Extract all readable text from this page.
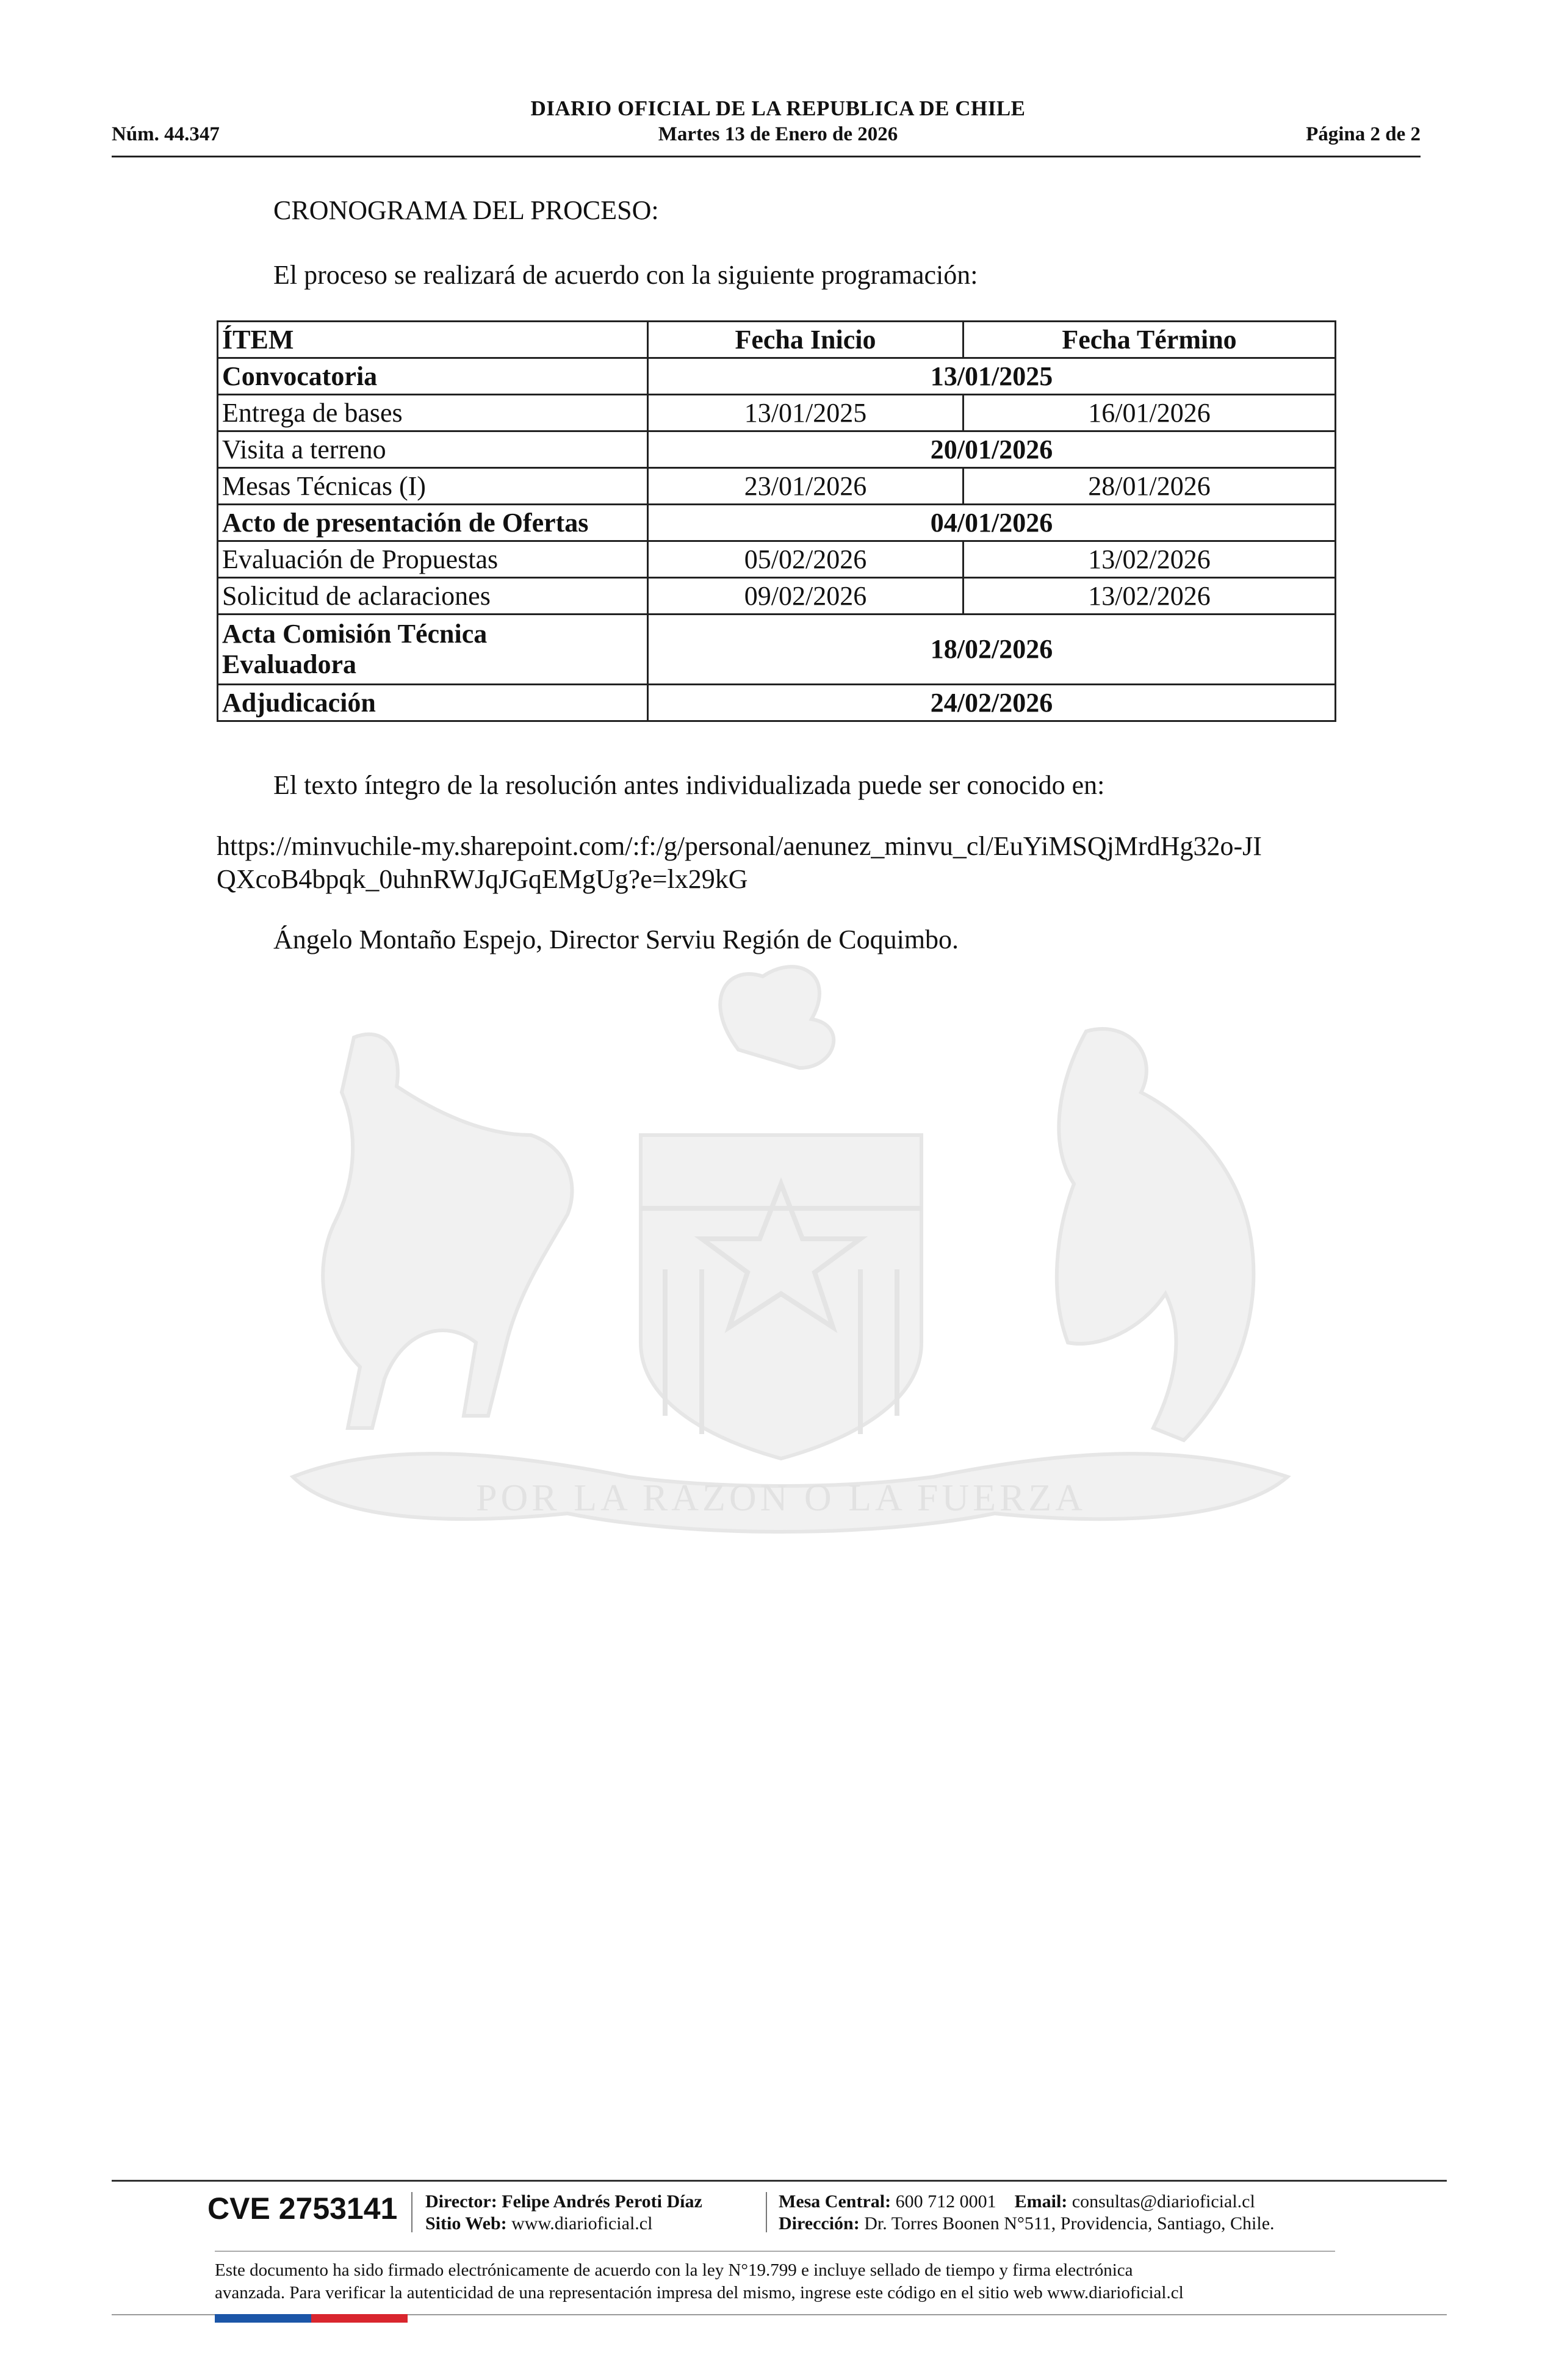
POR LA RAZON O LA FUERZA
DIARIO OFICIAL DE LA REPUBLICA DE CHILE
Núm. 44.347	Martes 13 de Enero de 2026	Página 2 de 2
CRONOGRAMA DEL PROCESO:
El proceso se realizará de acuerdo con la siguiente programación:
ÍTEM	Fecha Inicio	Fecha Término
Convocatoria	13/01/2025	
Entrega de bases	13/01/2025	16/01/2026
Visita a terreno	20/01/2026	
Mesas Técnicas (I)	23/01/2026	28/01/2026
Acto de presentación de Ofertas	04/01/2026	
Evaluación de Propuestas	05/02/2026	13/02/2026
Solicitud de aclaraciones	09/02/2026	13/02/2026
Acta Comisión Técnica
Evaluadora	18/02/2026	
Adjudicación	24/02/2026	
El texto íntegro de la resolución antes individualizada puede ser conocido en:
https://minvuchile-my.sharepoint.com/:f:/g/personal/aenunez_minvu_cl/EuYiMSQjMrdHg32o-JI
QXcoB4bpqk_0uhnRWJqJGqEMgUg?e=lx29kG
Ángelo Montaño Espejo, Director Serviu Región de Coquimbo.
CVE 2753141 Director: Felipe Andrés Peroti Díaz
Sitio Web: www.diarioficial.cl
Mesa Central: 600 712 0001 Email: consultas@diarioficial.cl
Dirección: Dr. Torres Boonen N°511, Providencia, Santiago, Chile.
Este documento ha sido firmado electrónicamente de acuerdo con la ley N°19.799 e incluye sellado de tiempo y firma electrónica
avanzada. Para verificar la autenticidad de una representación impresa del mismo, ingrese este código en el sitio web www.diarioficial.cl
